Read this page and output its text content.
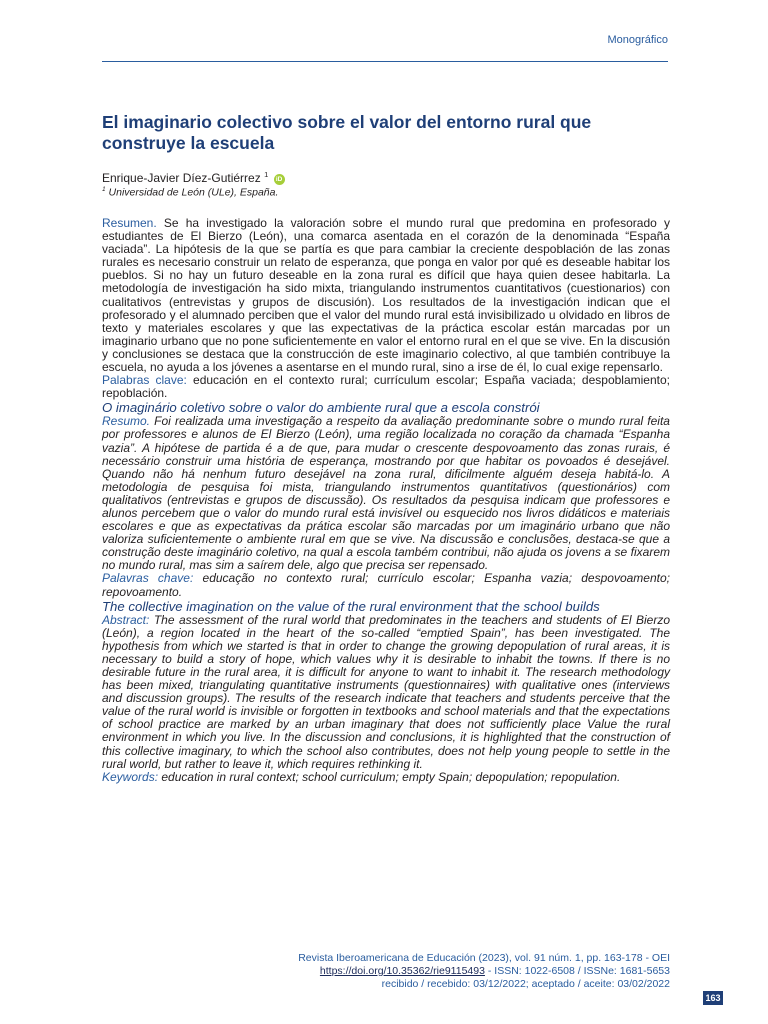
Monográfico
El imaginario colectivo sobre el valor del entorno rural que construye la escuela
Enrique-Javier Díez-Gutiérrez $^1$ iD
$^1$ Universidad de León (ULe), España.

Resumen. Se ha investigado la valoración sobre el mundo rural que predomina en profesorado y estudiantes de El Bierzo (León), una comarca asentada en el corazón de la denominada “España vaciada”. La hipótesis de la que se partía es que para cambiar la creciente despoblación de las zonas rurales es necesario construir un relato de esperanza, que ponga en valor por qué es deseable habitar los pueblos. Si no hay un futuro deseable en la zona rural es difícil que haya quien desee habitarla. La metodología de investigación ha sido mixta, triangulando instrumentos cuantitativos (cuestionarios) con cualitativos (entrevistas y grupos de discusión). Los resultados de la investigación indican que el profesorado y el alumnado perciben que el valor del mundo rural está invisibilizado u olvidado en libros de texto y materiales escolares y que las expectativas de la práctica escolar están marcadas por un imaginario urbano que no pone suficientemente en valor el entorno rural en el que se vive. En la discusión y conclusiones se destaca que la construcción de este imaginario colectivo, al que también contribuye la escuela, no ayuda a los jóvenes a asentarse en el mundo rural, sino a irse de él, lo cual exige repensarlo.

Palabras clave: educación en el contexto rural; currículum escolar; España vaciada; despoblamiento; repoblación.

O imaginário coletivo sobre o valor do ambiente rural que a escola constrói

Resumo. Foi realizada uma investigação a respeito da avaliação predominante sobre o mundo rural feita por professores e alunos de El Bierzo (León), uma região localizada no coração da chamada “Espanha vazia”. A hipótese de partida é a de que, para mudar o crescente despovoamento das zonas rurais, é necessário construir uma história de esperança, mostrando por que habitar os povoados é desejável. Quando não há nenhum futuro desejável na zona rural, dificilmente alguém deseja habitá-lo. A metodologia de pesquisa foi mista, triangulando instrumentos quantitativos (questionários) com qualitativos (entrevistas e grupos de discussão). Os resultados da pesquisa indicam que professores e alunos percebem que o valor do mundo rural está invisível ou esquecido nos livros didáticos e materiais escolares e que as expectativas da prática escolar são marcadas por um imaginário urbano que não valoriza suficientemente o ambiente rural em que se vive. Na discussão e conclusões, destaca-se que a construção deste imaginário coletivo, na qual a escola também contribui, não ajuda os jovens a se fixarem no mundo rural, mas sim a saírem dele, algo que precisa ser repensado.

Palavras chave: educação no contexto rural; currículo escolar; Espanha vazia; despovoamento; repovoamento.

The collective imagination on the value of the rural environment that the school builds

Abstract: The assessment of the rural world that predominates in the teachers and students of El Bierzo (León), a region located in the heart of the so-called “emptied Spain”, has been investigated. The hypothesis from which we started is that in order to change the growing depopulation of rural areas, it is necessary to build a story of hope, which values why it is desirable to inhabit the towns. If there is no desirable future in the rural area, it is difficult for anyone to want to inhabit it. The research methodology has been mixed, triangulating quantitative instruments (questionnaires) with qualitative ones (interviews and discussion groups). The results of the research indicate that teachers and students perceive that the value of the rural world is invisible or forgotten in textbooks and school materials and that the expectations of school practice are marked by an urban imaginary that does not sufficiently place Value the rural environment in which you live. In the discussion and conclusions, it is highlighted that the construction of this collective imaginary, to which the school also contributes, does not help young people to settle in the rural world, but rather to leave it, which requires rethinking it.

Keywords: education in rural context; school curriculum; empty Spain; depopulation; repopulation.

Revista Iberoamericana de Educación (2023), vol. 91 núm. 1, pp. 163-178 - OEI
https://doi.org/10.35362/rie9115493 - ISSN: 1022-6508 / ISSNe: 1681-5653
recibido / recebido: 03/12/2022; aceptado / aceite: 03/02/2022
163
